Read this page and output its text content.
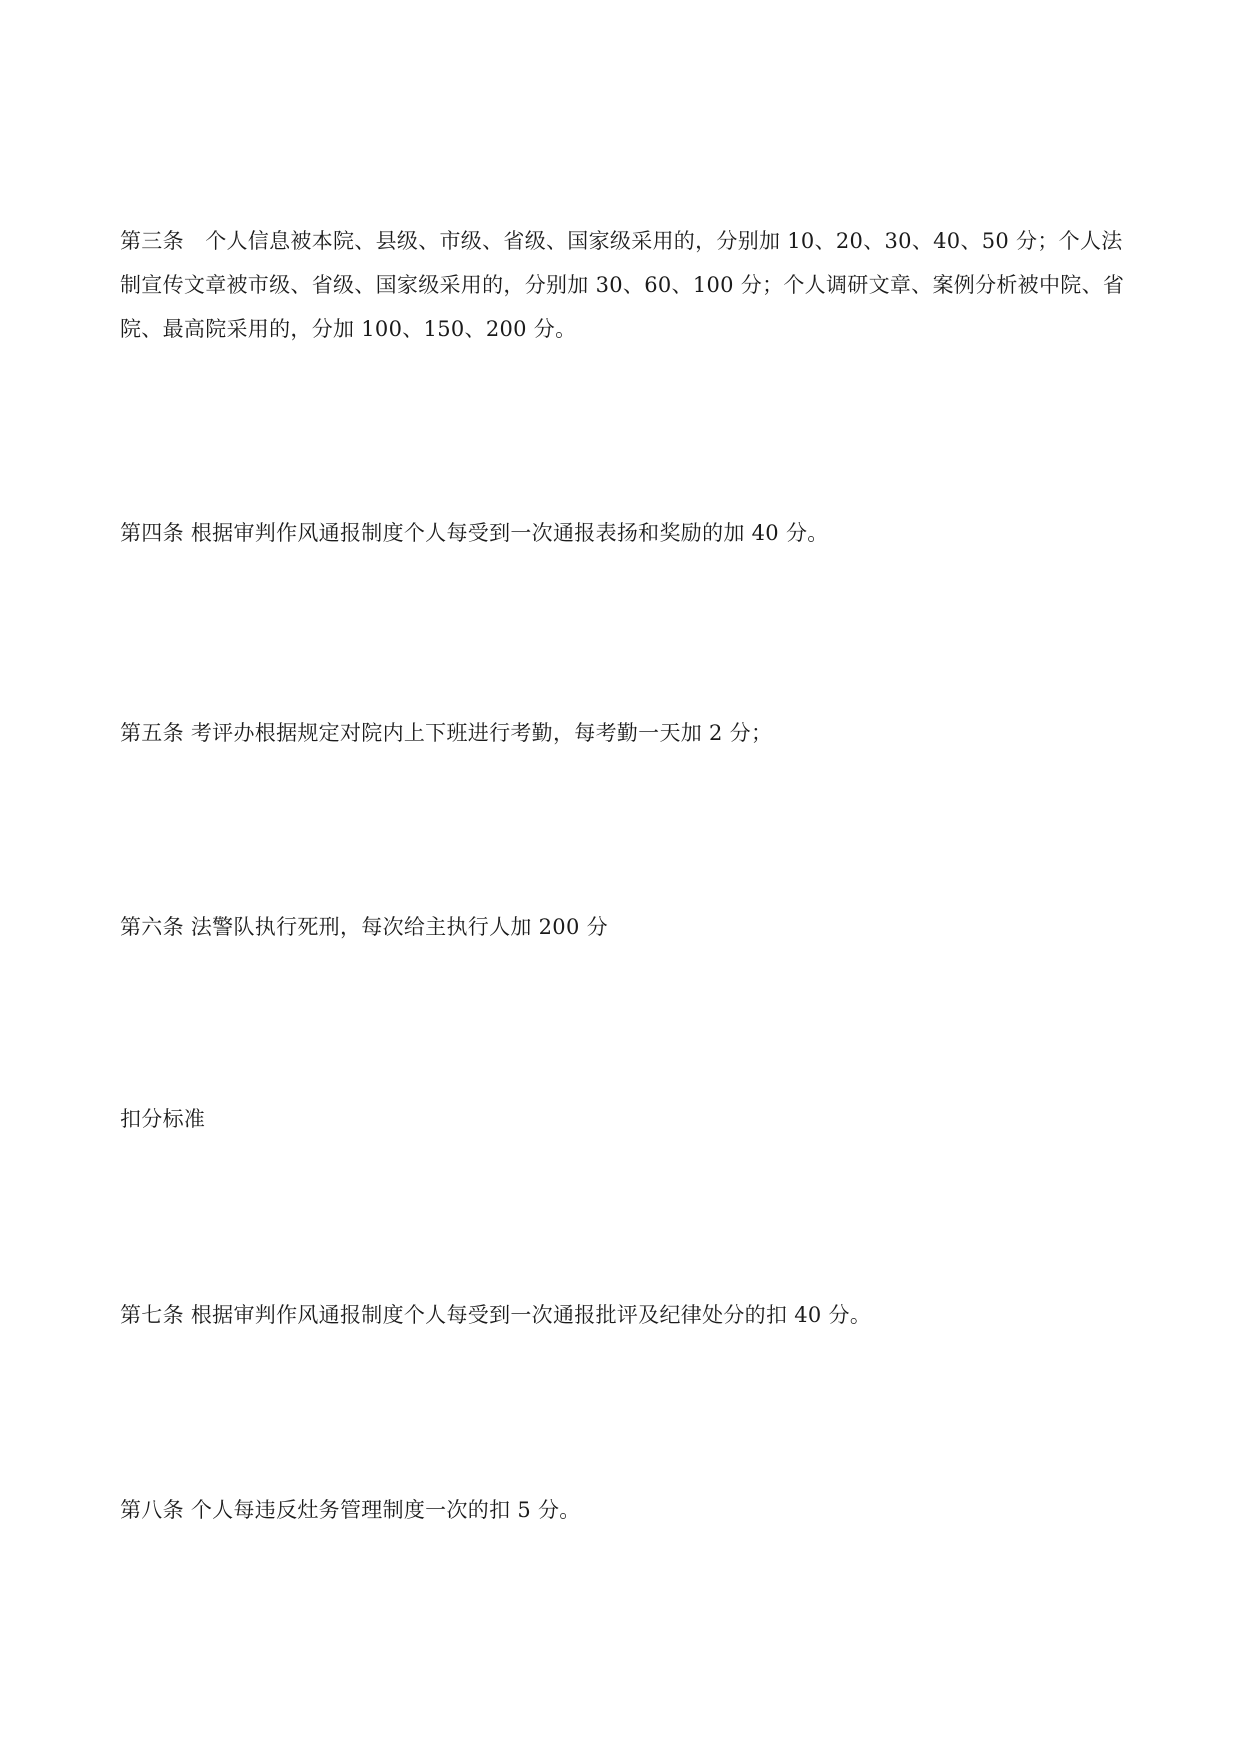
第三条　个人信息被本院、县级、市级、省级、国家级采用的，分别加 10、20、30、40、50 分；个人法制宣传文章被市级、省级、国家级采用的，分别加 30、60、100 分；个人调研文章、案例分析被中院、省院、最高院采用的，分加 100、150、200 分。

第四条 根据审判作风通报制度个人每受到一次通报表扬和奖励的加 40 分。

第五条 考评办根据规定对院内上下班进行考勤，每考勤一天加 2 分；

第六条 法警队执行死刑，每次给主执行人加 200 分

扣分标准

第七条 根据审判作风通报制度个人每受到一次通报批评及纪律处分的扣 40 分。

第八条 个人每违反灶务管理制度一次的扣 5 分。
